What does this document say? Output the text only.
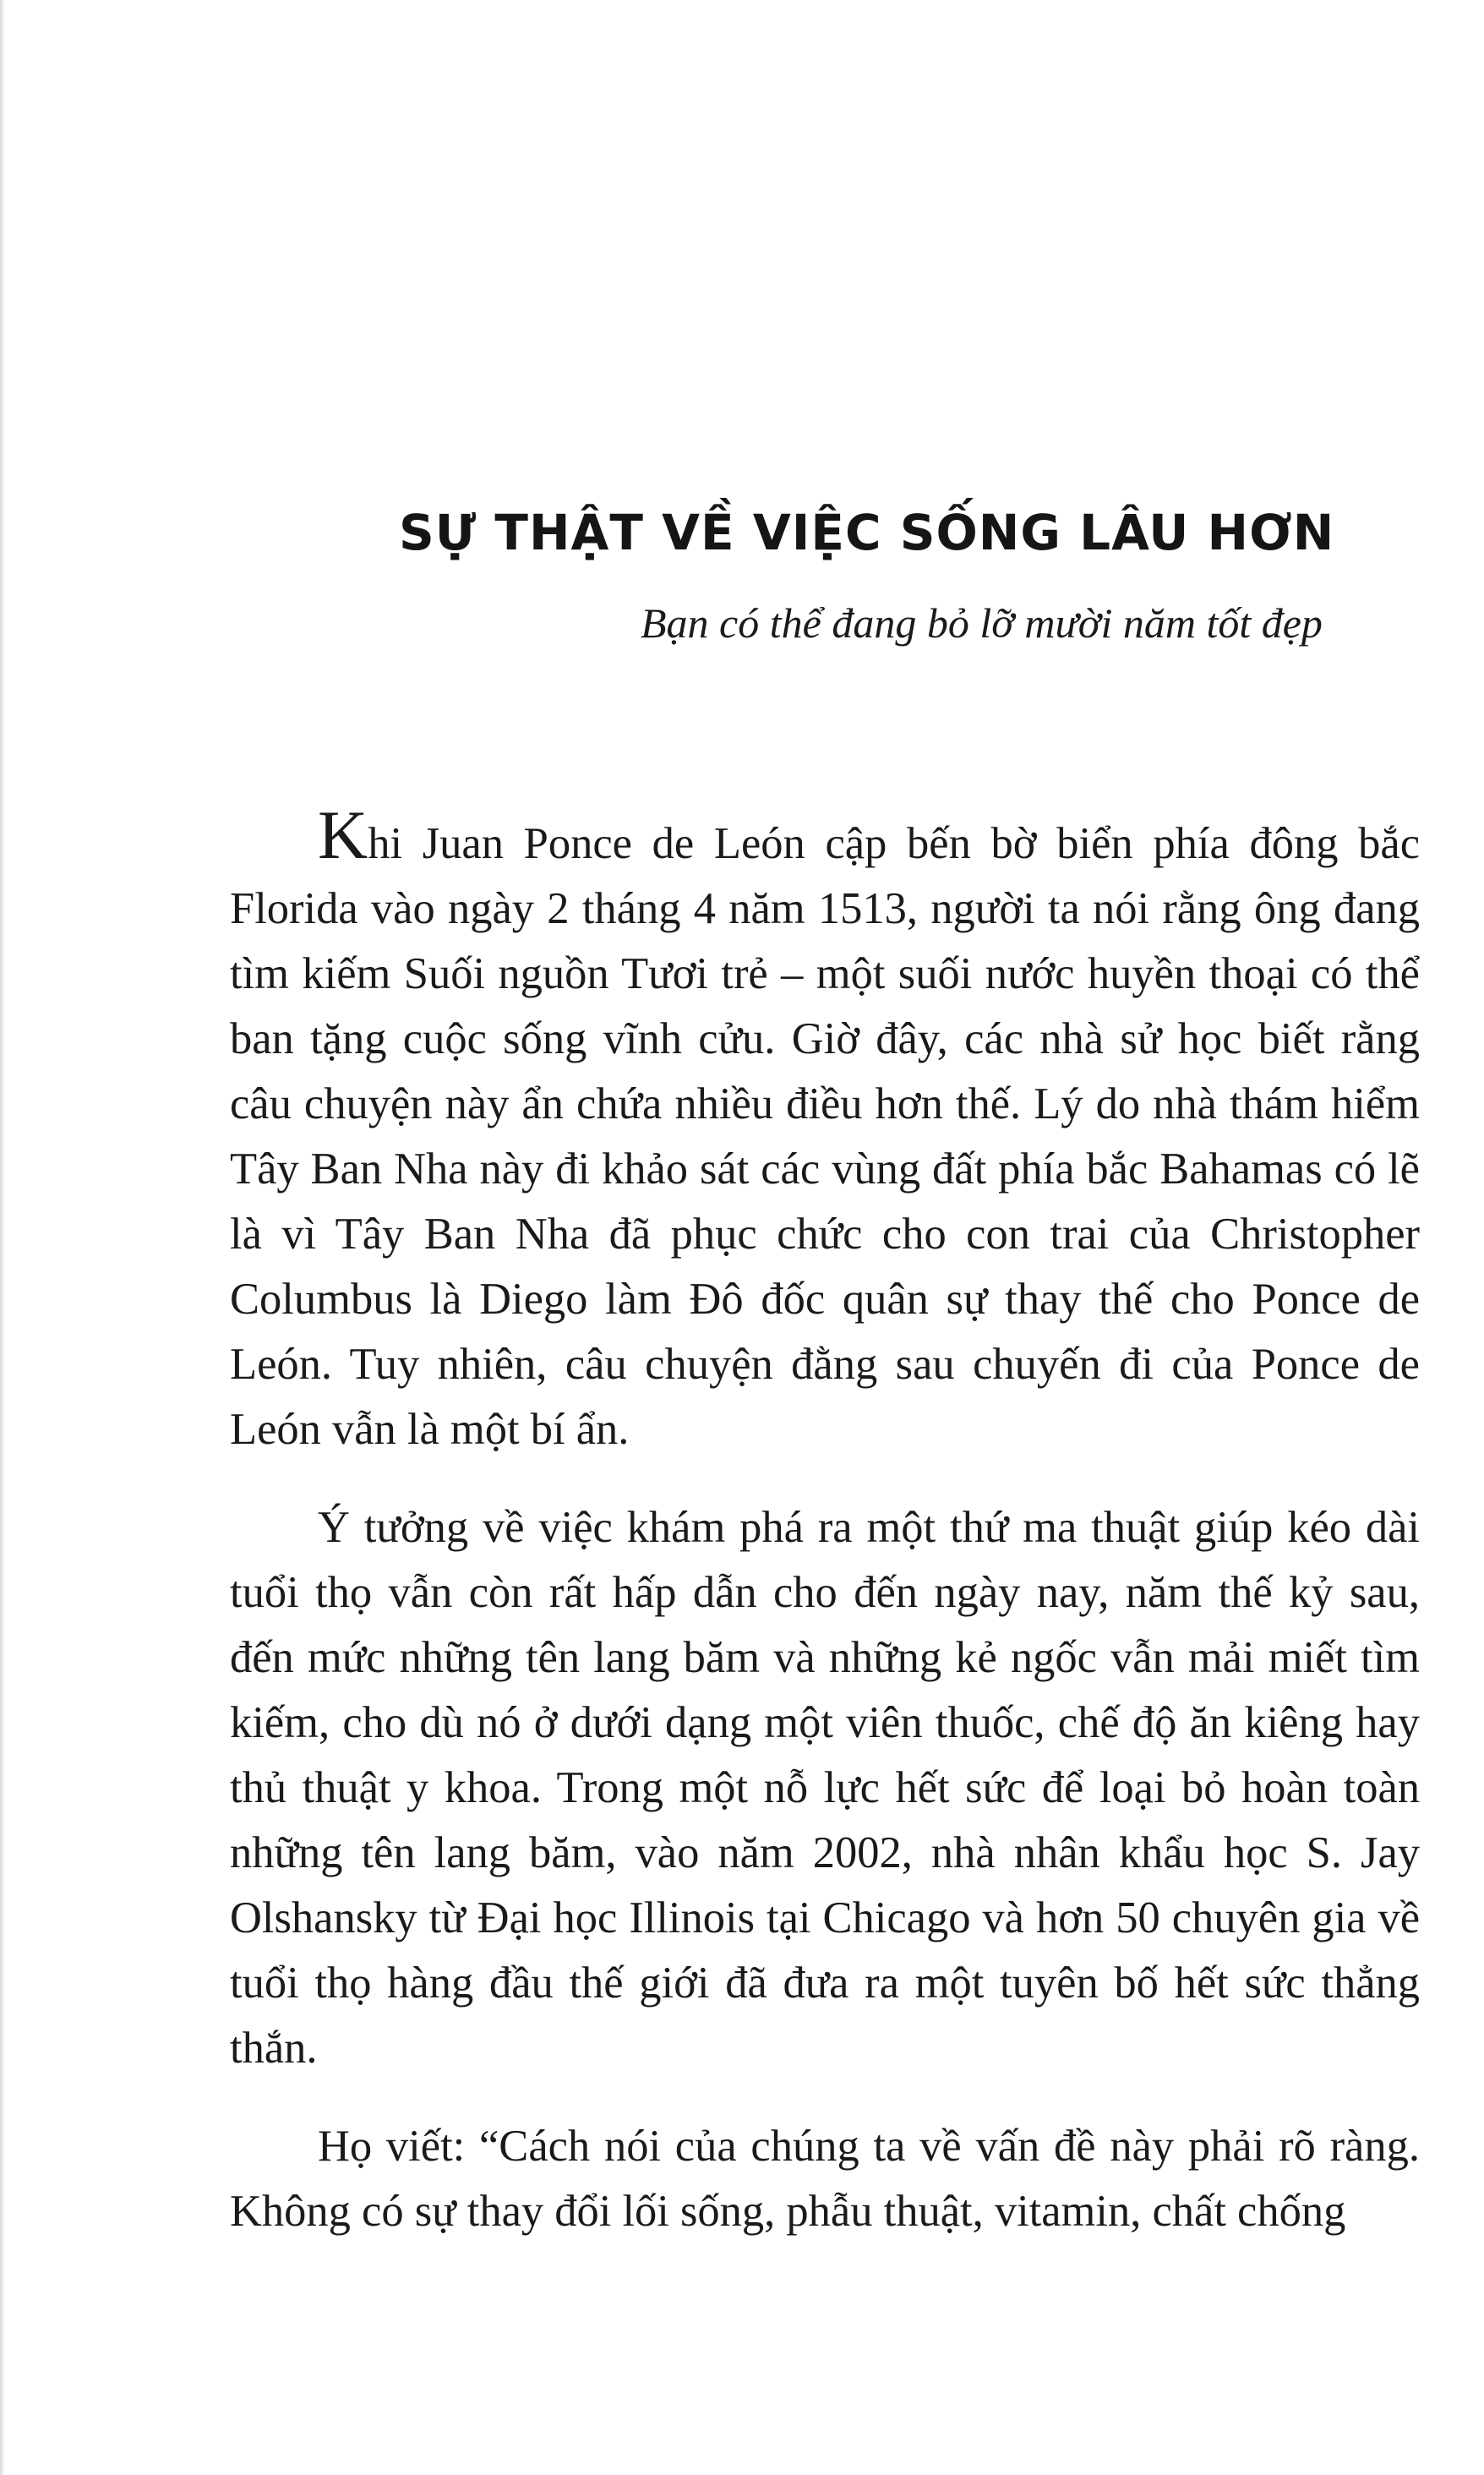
SỰ THẬT VỀ VIỆC SỐNG LÂU HƠN
Bạn có thể đang bỏ lỡ mười năm tốt đẹp

Khi Juan Ponce de León cập bến bờ biển phía đông bắc Florida vào ngày 2 tháng 4 năm 1513, người ta nói rằng ông đang tìm kiếm Suối nguồn Tươi trẻ – một suối nước huyền thoại có thể ban tặng cuộc sống vĩnh cửu. Giờ đây, các nhà sử học biết rằng câu chuyện này ẩn chứa nhiều điều hơn thế. Lý do nhà thám hiểm Tây Ban Nha này đi khảo sát các vùng đất phía bắc Bahamas có lẽ là vì Tây Ban Nha đã phục chức cho con trai của Christopher Columbus là Diego làm Đô đốc quân sự thay thế cho Ponce de León. Tuy nhiên, câu chuyện đằng sau chuyến đi của Ponce de León vẫn là một bí ẩn.

Ý tưởng về việc khám phá ra một thứ ma thuật giúp kéo dài tuổi thọ vẫn còn rất hấp dẫn cho đến ngày nay, năm thế kỷ sau, đến mức những tên lang băm và những kẻ ngốc vẫn mải miết tìm kiếm, cho dù nó ở dưới dạng một viên thuốc, chế độ ăn kiêng hay thủ thuật y khoa. Trong một nỗ lực hết sức để loại bỏ hoàn toàn những tên lang băm, vào năm 2002, nhà nhân khẩu học S. Jay Olshansky từ Đại học Illinois tại Chicago và hơn 50 chuyên gia về tuổi thọ hàng đầu thế giới đã đưa ra một tuyên bố hết sức thẳng thắn.

Họ viết: “Cách nói của chúng ta về vấn đề này phải rõ ràng. Không có sự thay đổi lối sống, phẫu thuật, vitamin, chất chống
